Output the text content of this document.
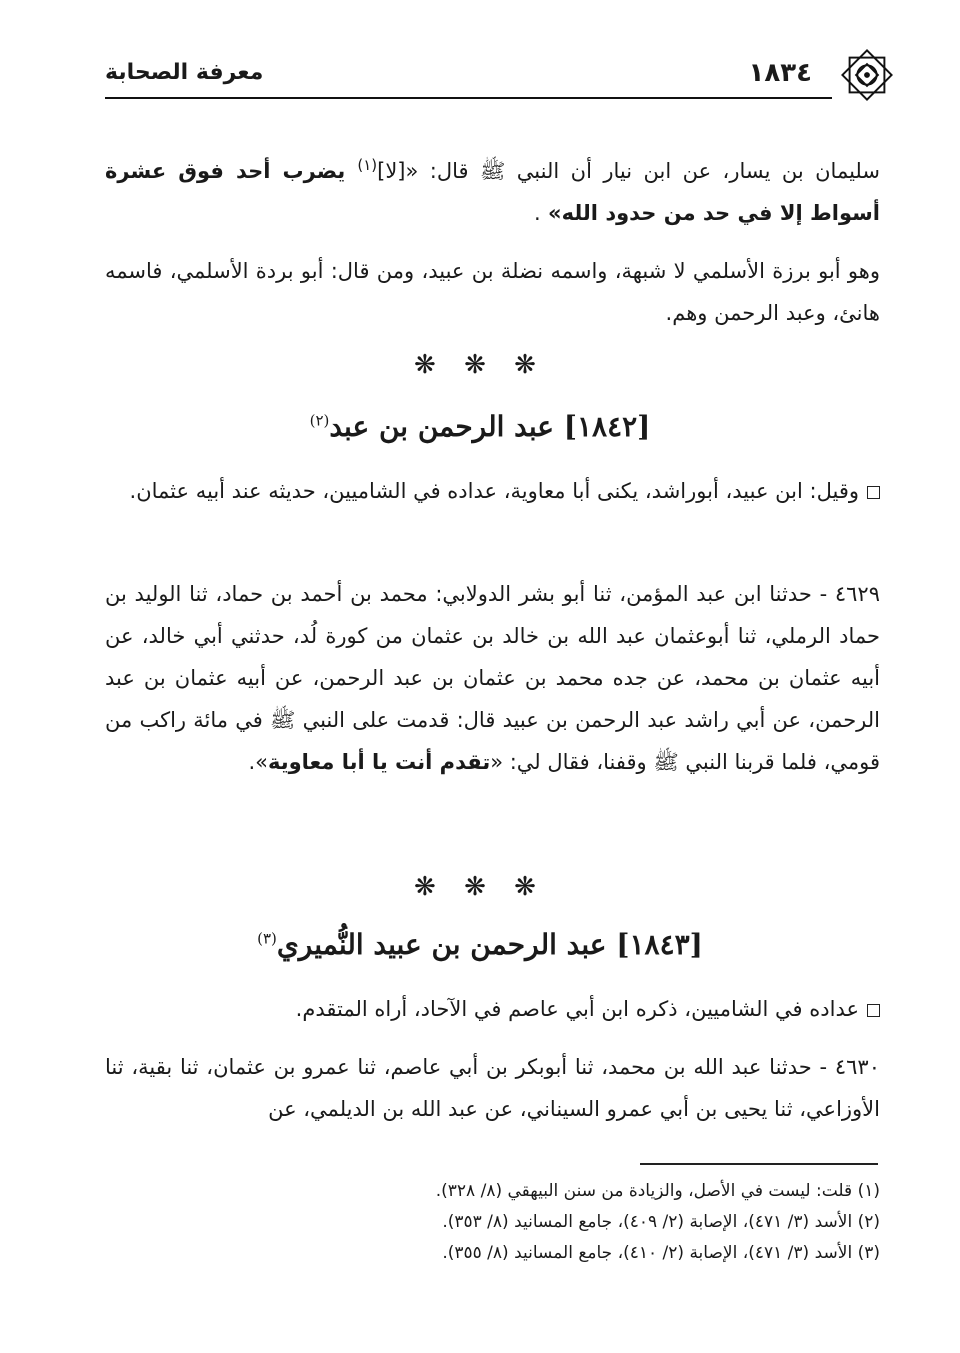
١٨٣٤
معرفة الصحابة
سليمان بن يسار، عن ابن نيار أن النبي ﷺ قال: «[لا]$^{(١)}$ يضرب أحد فوق عشرة أسواط إلا في حد من حدود الله» .
وهو أبو برزة الأسلمي لا شبهة، واسمه نضلة بن عبيد، ومن قال: أبو بردة الأسلمي، فاسمه هانئ، وعبد الرحمن وهم.
❋ ❋ ❋
[١٨٤٢] عبد الرحمن بن عبد$^{(٢)}$
وقيل: ابن عبيد، أبوراشد، يكنى أبا معاوية، عداده في الشاميين، حديثه عند أبيه عثمان.
٤٦٢٩ - حدثنا ابن عبد المؤمن، ثنا أبو بشر الدولابي: محمد بن أحمد بن حماد، ثنا الوليد بن حماد الرملي، ثنا أبوعثمان عبد الله بن خالد بن عثمان من كورة لُد، حدثني أبي خالد، عن أبيه عثمان بن محمد، عن جده محمد بن عثمان بن عبد الرحمن، عن أبيه عثمان بن عبد الرحمن، عن أبي راشد عبد الرحمن بن عبيد قال: قدمت على النبي ﷺ في مائة راكب من قومي، فلما قربنا النبي ﷺ وقفنا، فقال لي: «تقدم أنت يا أبا معاوية».
❋ ❋ ❋
[١٨٤٣] عبد الرحمن بن عبيد النُّميري$^{(٣)}$
عداده في الشاميين، ذكره ابن أبي عاصم في الآحاد، أراه المتقدم.
٤٦٣٠ - حدثنا عبد الله بن محمد، ثنا أبوبكر بن أبي عاصم، ثنا عمرو بن عثمان، ثنا بقية، ثنا الأوزاعي، ثنا يحيى بن أبي عمرو السيناني، عن عبد الله بن الديلمي، عن
(١) قلت: ليست في الأصل، والزيادة من سنن البيهقي (٨/ ٣٢٨).
(٢) الأسد (٣/ ٤٧١)، الإصابة (٢/ ٤٠٩)، جامع المسانيد (٨/ ٣٥٣).
(٣) الأسد (٣/ ٤٧١)، الإصابة (٢/ ٤١٠)، جامع المسانيد (٨/ ٣٥٥).
